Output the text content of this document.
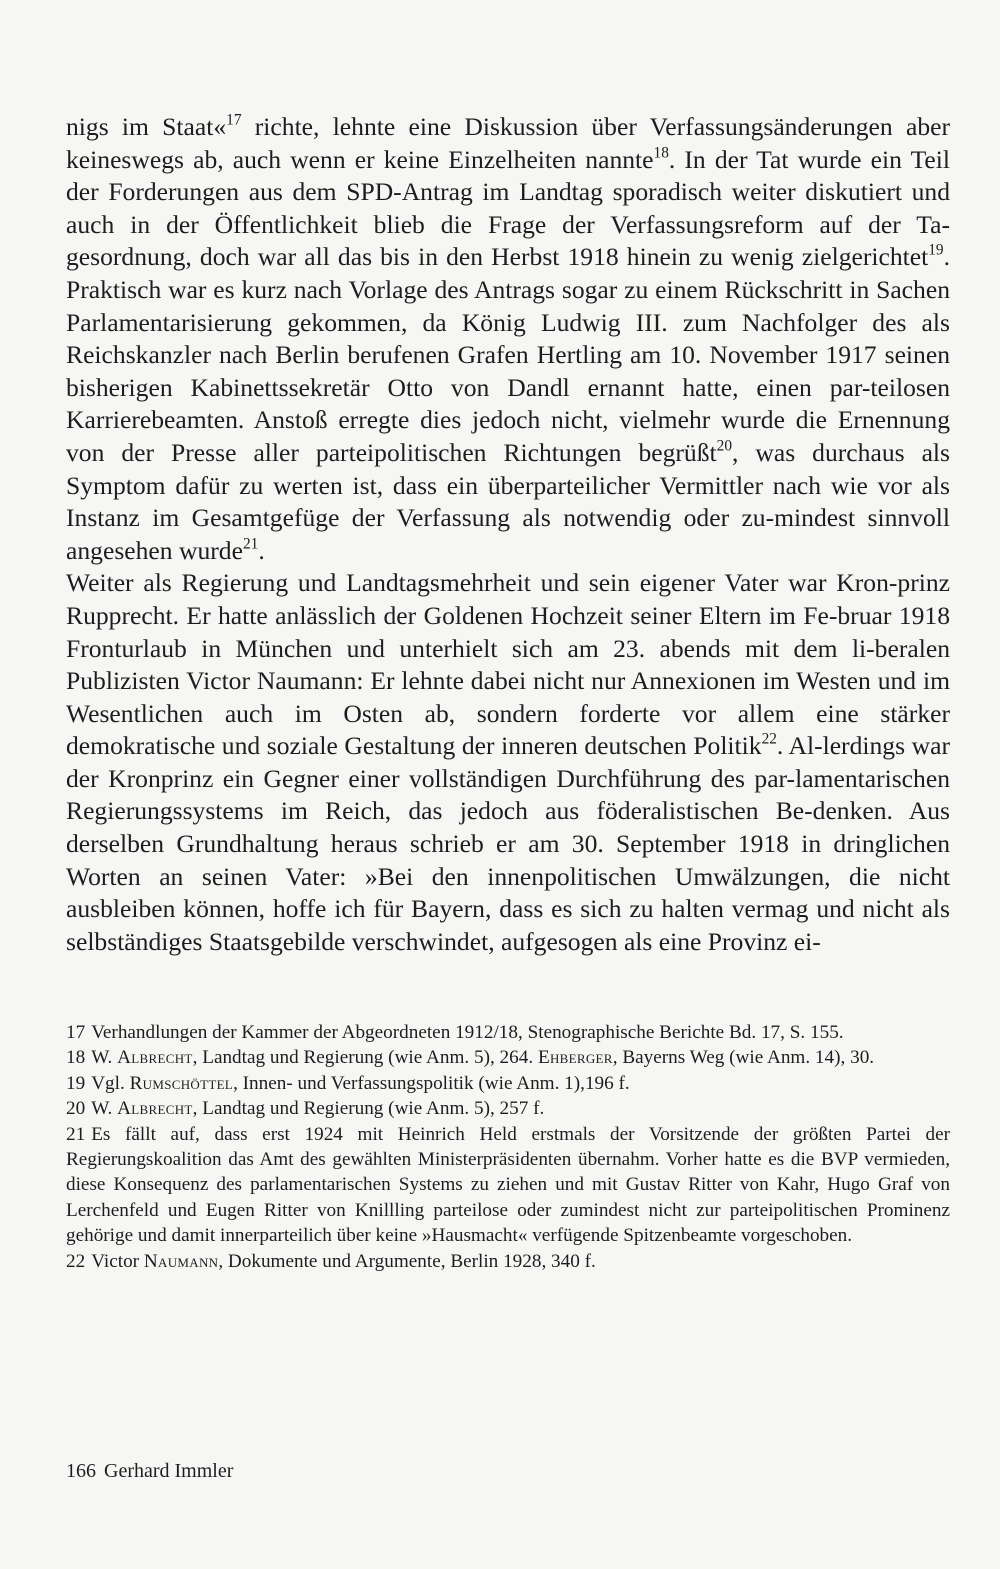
nigs im Staat«$^{17}$ richte, lehnte eine Diskussion über Verfassungsänderungen aber keineswegs ab, auch wenn er keine Einzelheiten nannte$^{18}$. In der Tat wurde ein Teil der Forderungen aus dem SPD-Antrag im Landtag sporadisch weiter diskutiert und auch in der Öffentlichkeit blieb die Frage der Verfassungsreform auf der Ta-gesordnung, doch war all das bis in den Herbst 1918 hinein zu wenig zielgerichtet$^{19}$. Praktisch war es kurz nach Vorlage des Antrags sogar zu einem Rückschritt in Sachen Parlamentarisierung gekommen, da König Ludwig III. zum Nachfolger des als Reichskanzler nach Berlin berufenen Grafen Hertling am 10. November 1917 seinen bisherigen Kabinettssekretär Otto von Dandl ernannt hatte, einen par-teilosen Karrierebeamten. Anstoß erregte dies jedoch nicht, vielmehr wurde die Ernennung von der Presse aller parteipolitischen Richtungen begrüßt$^{20}$, was durchaus als Symptom dafür zu werten ist, dass ein überparteilicher Vermittler nach wie vor als Instanz im Gesamtgefüge der Verfassung als notwendig oder zu-mindest sinnvoll angesehen wurde$^{21}$.

Weiter als Regierung und Landtagsmehrheit und sein eigener Vater war Kron-prinz Rupprecht. Er hatte anlässlich der Goldenen Hochzeit seiner Eltern im Fe-bruar 1918 Fronturlaub in München und unterhielt sich am 23. abends mit dem li-beralen Publizisten Victor Naumann: Er lehnte dabei nicht nur Annexionen im Westen und im Wesentlichen auch im Osten ab, sondern forderte vor allem eine stärker demokratische und soziale Gestaltung der inneren deutschen Politik$^{22}$. Al-lerdings war der Kronprinz ein Gegner einer vollständigen Durchführung des par-lamentarischen Regierungssystems im Reich, das jedoch aus föderalistischen Be-denken. Aus derselben Grundhaltung heraus schrieb er am 30. September 1918 in dringlichen Worten an seinen Vater: »Bei den innenpolitischen Umwälzungen, die nicht ausbleiben können, hoffe ich für Bayern, dass es sich zu halten vermag und nicht als selbständiges Staatsgebilde verschwindet, aufgesogen als eine Provinz ei-

17 Verhandlungen der Kammer der Abgeordneten 1912/18, Stenographische Berichte Bd. 17, S. 155.

18 W. Albrecht, Landtag und Regierung (wie Anm. 5), 264. Ehberger, Bayerns Weg (wie Anm. 14), 30.

19 Vgl. Rumschöttel, Innen- und Verfassungspolitik (wie Anm. 1),196 f.

20 W. Albrecht, Landtag und Regierung (wie Anm. 5), 257 f.

21 Es fällt auf, dass erst 1924 mit Heinrich Held erstmals der Vorsitzende der größten Partei der Regierungskoalition das Amt des gewählten Ministerpräsidenten übernahm. Vorher hatte es die BVP vermieden, diese Konsequenz des parlamentarischen Systems zu ziehen und mit Gustav Ritter von Kahr, Hugo Graf von Lerchenfeld und Eugen Ritter von Knillling parteilose oder zumindest nicht zur parteipolitischen Prominenz gehörige und damit innerparteilich über keine »Hausmacht« verfügende Spitzenbeamte vorgeschoben.

22 Victor Naumann, Dokumente und Argumente, Berlin 1928, 340 f.

166 Gerhard Immler
